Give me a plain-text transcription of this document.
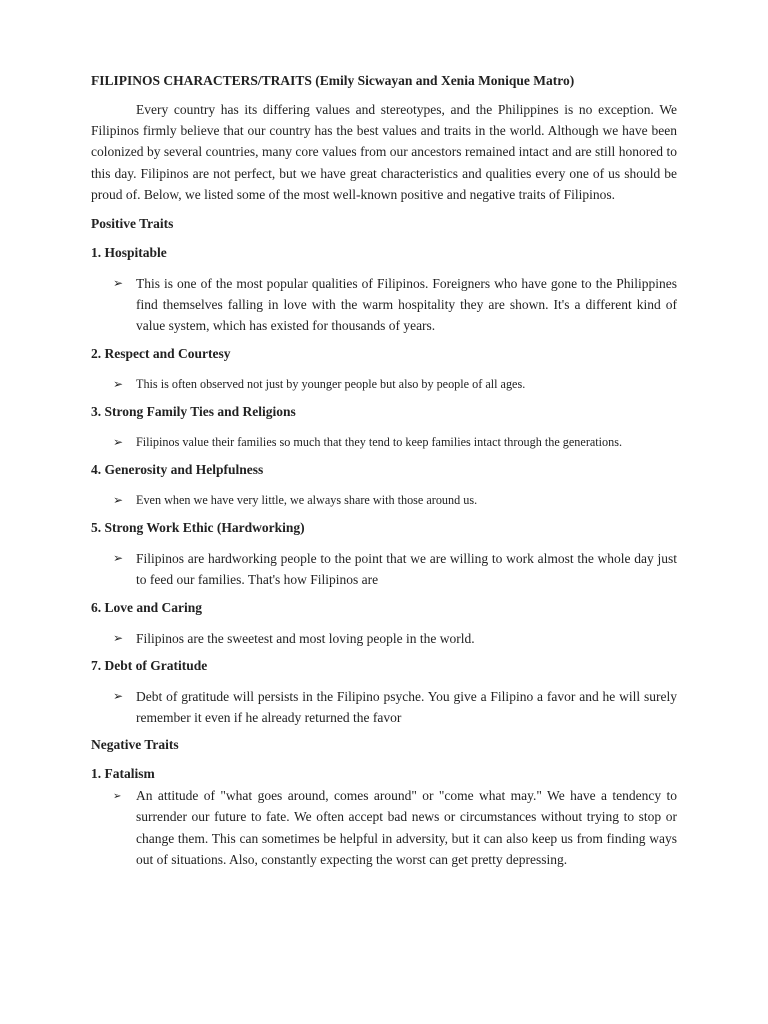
FILIPINOS CHARACTERS/TRAITS (Emily Sicwayan and Xenia Monique Matro)

Every country has its differing values and stereotypes, and the Philippines is no exception. We Filipinos firmly believe that our country has the best values and traits in the world. Although we have been colonized by several countries, many core values from our ancestors remained intact and are still honored to this day. Filipinos are not perfect, but we have great characteristics and qualities every one of us should be proud of. Below, we listed some of the most well-known positive and negative traits of Filipinos.

Positive Traits
1. Hospitable
➢ This is one of the most popular qualities of Filipinos. Foreigners who have gone to the Philippines find themselves falling in love with the warm hospitality they are shown. It's a different kind of value system, which has existed for thousands of years.
2. Respect and Courtesy
➢ This is often observed not just by younger people but also by people of all ages.
3. Strong Family Ties and Religions
➢ Filipinos value their families so much that they tend to keep families intact through the generations.
4. Generosity and Helpfulness
➢ Even when we have very little, we always share with those around us.
5. Strong Work Ethic (Hardworking)
➢ Filipinos are hardworking people to the point that we are willing to work almost the whole day just to feed our families. That's how Filipinos are
6. Love and Caring
➢ Filipinos are the sweetest and most loving people in the world.
7. Debt of Gratitude
➢ Debt of gratitude will persists in the Filipino psyche. You give a Filipino a favor and he will surely remember it even if he already returned the favor
Negative Traits
1. Fatalism
➢ An attitude of "what goes around, comes around" or "come what may." We have a tendency to surrender our future to fate. We often accept bad news or circumstances without trying to stop or change them. This can sometimes be helpful in adversity, but it can also keep us from finding ways out of situations. Also, constantly expecting the worst can get pretty depressing.
